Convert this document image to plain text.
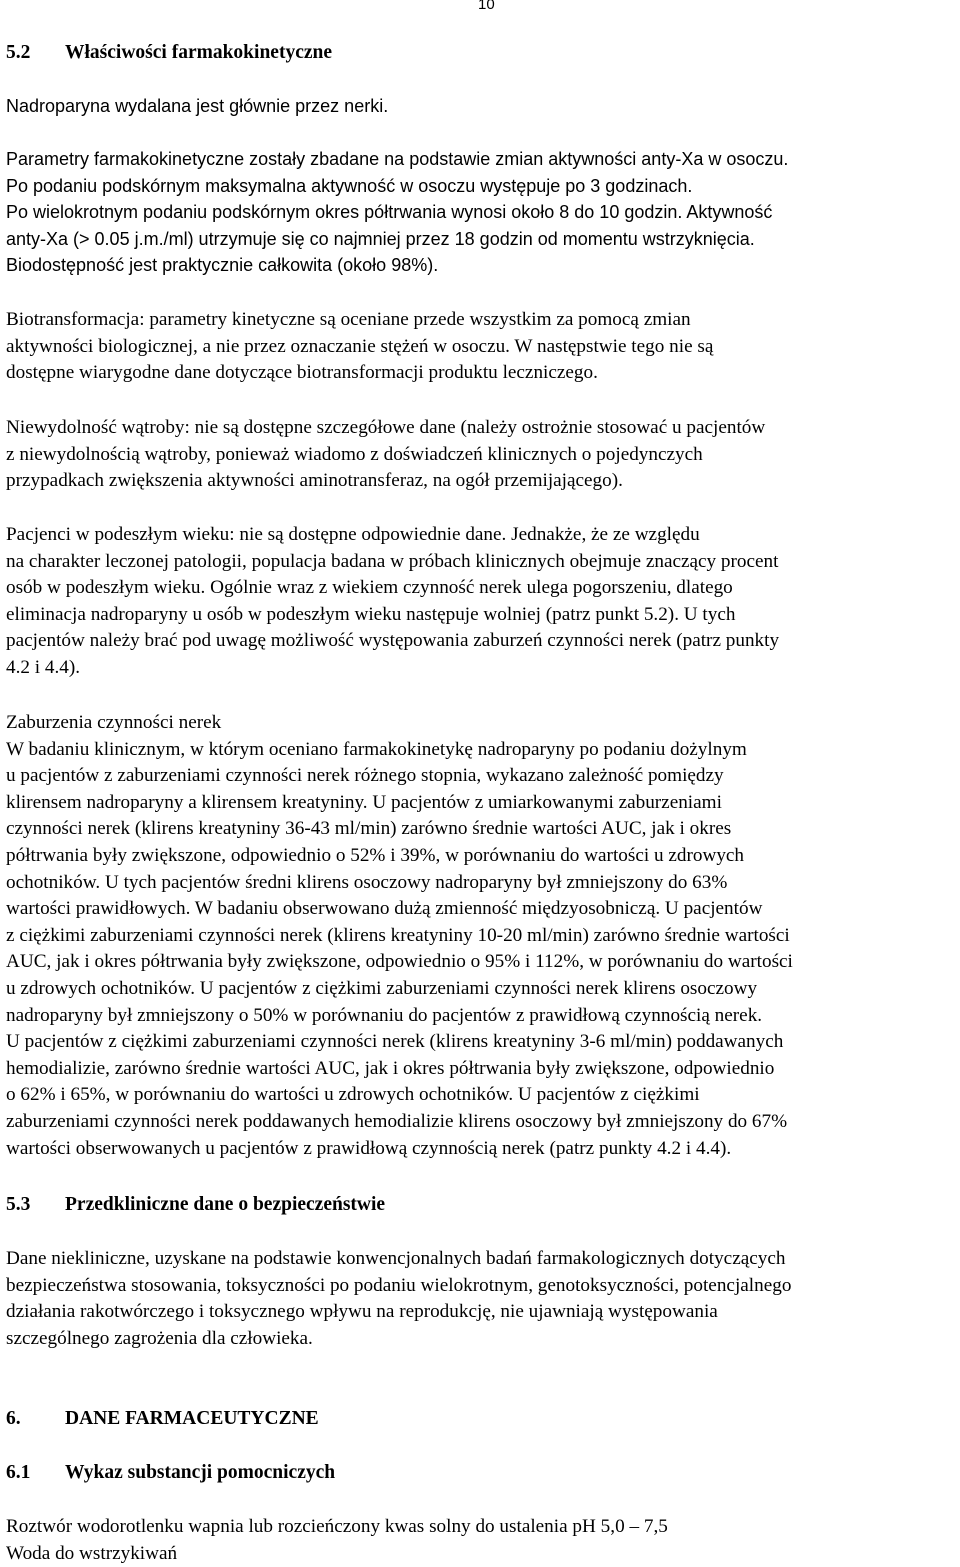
10
5.2 Właściwości farmakokinetyczne
Nadroparyna wydalana jest głównie przez nerki.
Parametry farmakokinetyczne zostały zbadane na podstawie zmian aktywności anty-Xa w osoczu.
Po podaniu podskórnym maksymalna aktywność w osoczu występuje po 3 godzinach.
Po wielokrotnym podaniu podskórnym okres półtrwania wynosi około 8 do 10 godzin. Aktywność
anty-Xa (> 0.05 j.m./ml) utrzymuje się co najmniej przez 18 godzin od momentu wstrzyknięcia.
Biodostępność jest praktycznie całkowita (około 98%).
Biotransformacja: parametry kinetyczne są oceniane przede wszystkim za pomocą zmian
aktywności biologicznej, a nie przez oznaczanie stężeń w osoczu. W następstwie tego nie są
dostępne wiarygodne dane dotyczące biotransformacji produktu leczniczego.
Niewydolność wątroby: nie są dostępne szczegółowe dane (należy ostrożnie stosować u pacjentów
z niewydolnością wątroby, ponieważ wiadomo z doświadczeń klinicznych o pojedynczych
przypadkach zwiększenia aktywności aminotransferaz, na ogół przemijającego).
Pacjenci w podeszłym wieku: nie są dostępne odpowiednie dane. Jednakże, że ze względu
na charakter leczonej patologii, populacja badana w próbach klinicznych obejmuje znaczący procent
osób w podeszłym wieku. Ogólnie wraz z wiekiem czynność nerek ulega pogorszeniu, dlatego
eliminacja nadroparyny u osób w podeszłym wieku następuje wolniej (patrz punkt 5.2). U tych
pacjentów należy brać pod uwagę możliwość występowania zaburzeń czynności nerek (patrz punkty
4.2 i 4.4).
Zaburzenia czynności nerek
W badaniu klinicznym, w którym oceniano farmakokinetykę nadroparyny po podaniu dożylnym
u pacjentów z zaburzeniami czynności nerek różnego stopnia, wykazano zależność pomiędzy
klirensem nadroparyny a klirensem kreatyniny. U pacjentów z umiarkowanymi zaburzeniami
czynności nerek (klirens kreatyniny 36-43 ml/min) zarówno średnie wartości AUC, jak i okres
półtrwania były zwiększone, odpowiednio o 52% i 39%, w porównaniu do wartości u zdrowych
ochotników. U tych pacjentów średni klirens osoczowy nadroparyny był zmniejszony do 63%
wartości prawidłowych. W badaniu obserwowano dużą zmienność międzyosobniczą. U pacjentów
z ciężkimi zaburzeniami czynności nerek (klirens kreatyniny 10-20 ml/min) zarówno średnie wartości
AUC, jak i okres półtrwania były zwiększone, odpowiednio o 95% i 112%, w porównaniu do wartości
u zdrowych ochotników. U pacjentów z ciężkimi zaburzeniami czynności nerek klirens osoczowy
nadroparyny był zmniejszony o 50% w porównaniu do pacjentów z prawidłową czynnością nerek.
U pacjentów z ciężkimi zaburzeniami czynności nerek (klirens kreatyniny 3-6 ml/min) poddawanych
hemodializie, zarówno średnie wartości AUC, jak i okres półtrwania były zwiększone, odpowiednio
o 62% i 65%, w porównaniu do wartości u zdrowych ochotników. U pacjentów z ciężkimi
zaburzeniami czynności nerek poddawanych hemodializie klirens osoczowy był zmniejszony do 67%
wartości obserwowanych u pacjentów z prawidłową czynnością nerek (patrz punkty 4.2 i 4.4).
5.3 Przedkliniczne dane o bezpieczeństwie
Dane niekliniczne, uzyskane na podstawie konwencjonalnych badań farmakologicznych dotyczących
bezpieczeństwa stosowania, toksyczności po podaniu wielokrotnym, genotoksyczności, potencjalnego
działania rakotwórczego i toksycznego wpływu na reprodukcję, nie ujawniają występowania
szczególnego zagrożenia dla człowieka.
6. DANE FARMACEUTYCZNE
6.1 Wykaz substancji pomocniczych
Roztwór wodorotlenku wapnia lub rozcieńczony kwas solny do ustalenia pH 5,0 – 7,5
Woda do wstrzykiwań
